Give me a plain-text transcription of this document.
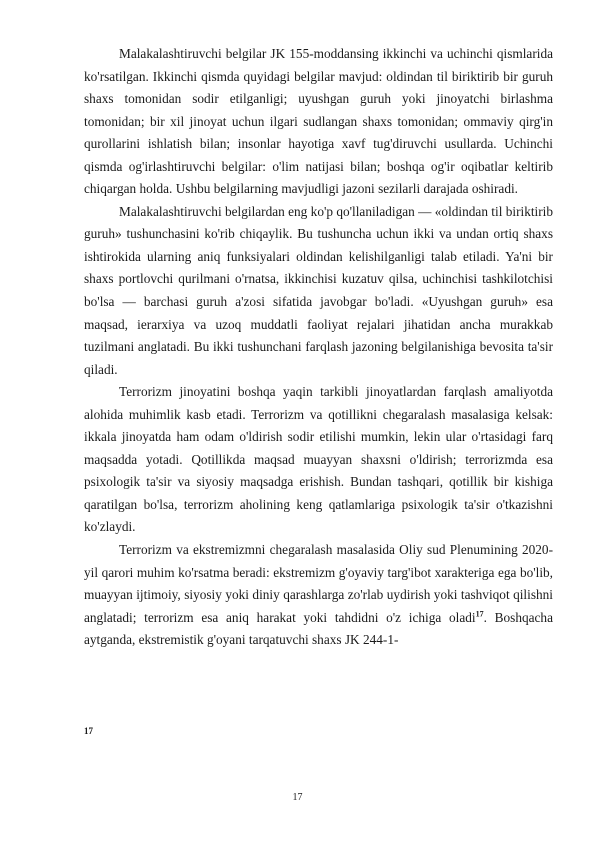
Malakalashtiruvchi belgilar JK 155-moddansing ikkinchi va uchinchi qismlarida ko'rsatilgan. Ikkinchi qismda quyidagi belgilar mavjud: oldindan til biriktirib bir guruh shaxs tomonidan sodir etilganligi; uyushgan guruh yoki jinoyatchi birlashma tomonidan; bir xil jinoyat uchun ilgari sudlangan shaxs tomonidan; ommaviy qirg'in qurollarini ishlatish bilan; insonlar hayotiga xavf tug'diruvchi usullarda. Uchinchi qismda og'irlashtiruvchi belgilar: o'lim natijasi bilan; boshqa og'ir oqibatlar keltirib chiqargan holda. Ushbu belgilarning mavjudligi jazoni sezilarli darajada oshiradi.

Malakalashtiruvchi belgilardan eng ko'p qo'llaniladigan — «oldindan til biriktirib guruh» tushunchasini ko'rib chiqaylik. Bu tushuncha uchun ikki va undan ortiq shaxs ishtirokida ularning aniq funksiyalari oldindan kelishilganligi talab etiladi. Ya'ni bir shaxs portlovchi qurilmani o'rnatsa, ikkinchisi kuzatuv qilsa, uchinchisi tashkilotchisi bo'lsa — barchasi guruh a'zosi sifatida javobgar bo'ladi. «Uyushgan guruh» esa maqsad, ierarxiya va uzoq muddatli faoliyat rejalari jihatidan ancha murakkab tuzilmani anglatadi. Bu ikki tushunchani farqlash jazoning belgilanishiga bevosita ta'sir qiladi.

Terrorizm jinoyatini boshqa yaqin tarkibli jinoyatlardan farqlash amaliyotda alohida muhimlik kasb etadi. Terrorizm va qotillikni chegaralash masalasiga kelsak: ikkala jinoyatda ham odam o'ldirish sodir etilishi mumkin, lekin ular o'rtasidagi farq maqsadda yotadi. Qotillikda maqsad muayyan shaxsni o'ldirish; terrorizmda esa psixologik ta'sir va siyosiy maqsadga erishish. Bundan tashqari, qotillik bir kishiga qaratilgan bo'lsa, terrorizm aholining keng qatlamlariga psixologik ta'sir o'tkazishni ko'zlaydi.

Terrorizm va ekstremizmni chegaralash masalasida Oliy sud Plenumining 2020-yil qarori muhim ko'rsatma beradi: ekstremizm g'oyaviy targ'ibot xarakteriga ega bo'lib, muayyan ijtimoiy, siyosiy yoki diniy qarashlarga zo'rlab uydirish yoki tashviqot qilishni anglatadi; terrorizm esa aniq harakat yoki tahdidni o'z ichiga oladi$^{17}$. Boshqacha aytganda, ekstremistik g'oyani tarqatuvchi shaxs JK 244-1-

17
17
